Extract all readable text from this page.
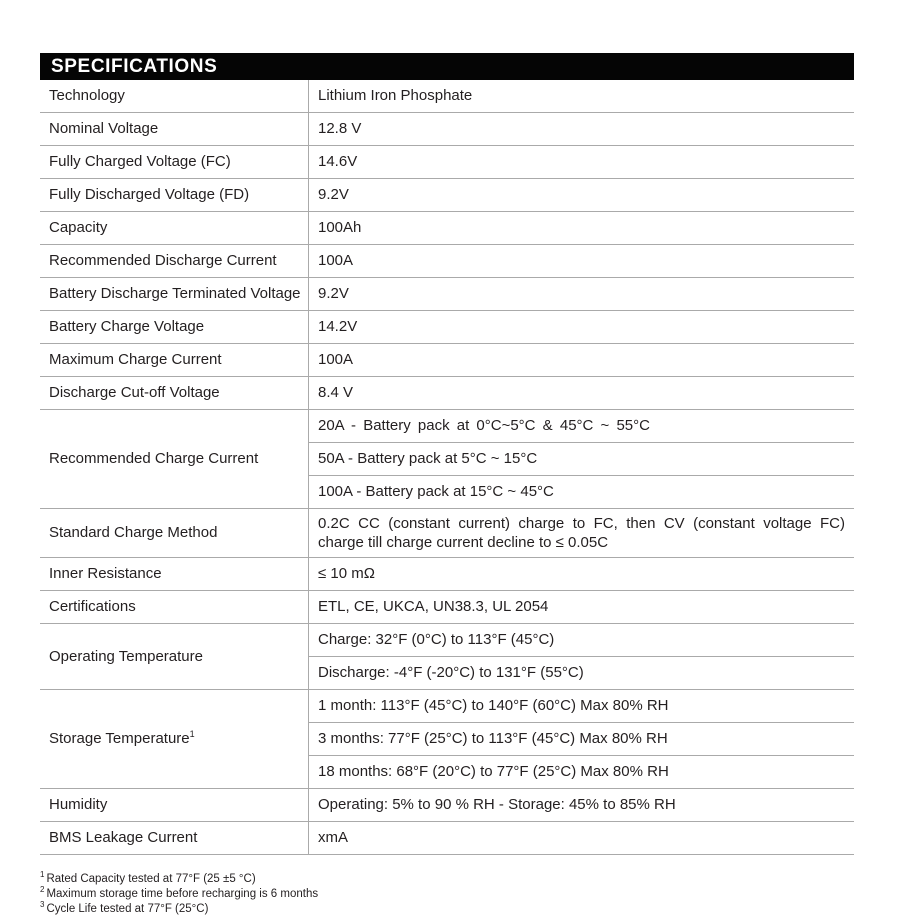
SPECIFICATIONS
Technology	Lithium Iron Phosphate
Nominal Voltage	12.8 V
Fully Charged Voltage (FC)	14.6V
Fully Discharged Voltage (FD)	9.2V
Capacity	100Ah
Recommended Discharge Current	100A
Battery Discharge Terminated Voltage	9.2V
Battery Charge Voltage	14.2V
Maximum Charge Current	100A
Discharge Cut-off Voltage	8.4 V
Recommended Charge Current	20A - Battery pack at 0°C~5°C & 45°C ~ 55°C
	50A - Battery pack at 5°C ~ 15°C
	100A - Battery pack at 15°C ~ 45°C
Standard Charge Method	0.2C CC (constant current) charge to FC, then CV (constant voltage FC) charge till charge current decline to ≤ 0.05C
Inner Resistance	≤ 10 mΩ
Certifications	ETL, CE, UKCA, UN38.3, UL 2054
Operating Temperature	Charge: 32°F (0°C) to 113°F (45°C)
	Discharge: -4°F (-20°C) to 131°F (55°C)
Storage Temperature$^1$	1 month: 113°F (45°C) to 140°F (60°C) Max 80% RH
	3 months: 77°F (25°C) to 113°F (45°C) Max 80% RH
	18 months: 68°F (20°C) to 77°F (25°C) Max 80% RH
Humidity	Operating: 5% to 90 % RH - Storage: 45% to 85% RH
BMS Leakage Current	xmA
$^1$ Rated Capacity tested at 77°F (25 ±5 °C)
$^2$ Maximum storage time before recharging is 6 months
$^3$ Cycle Life tested at 77°F (25°C)
